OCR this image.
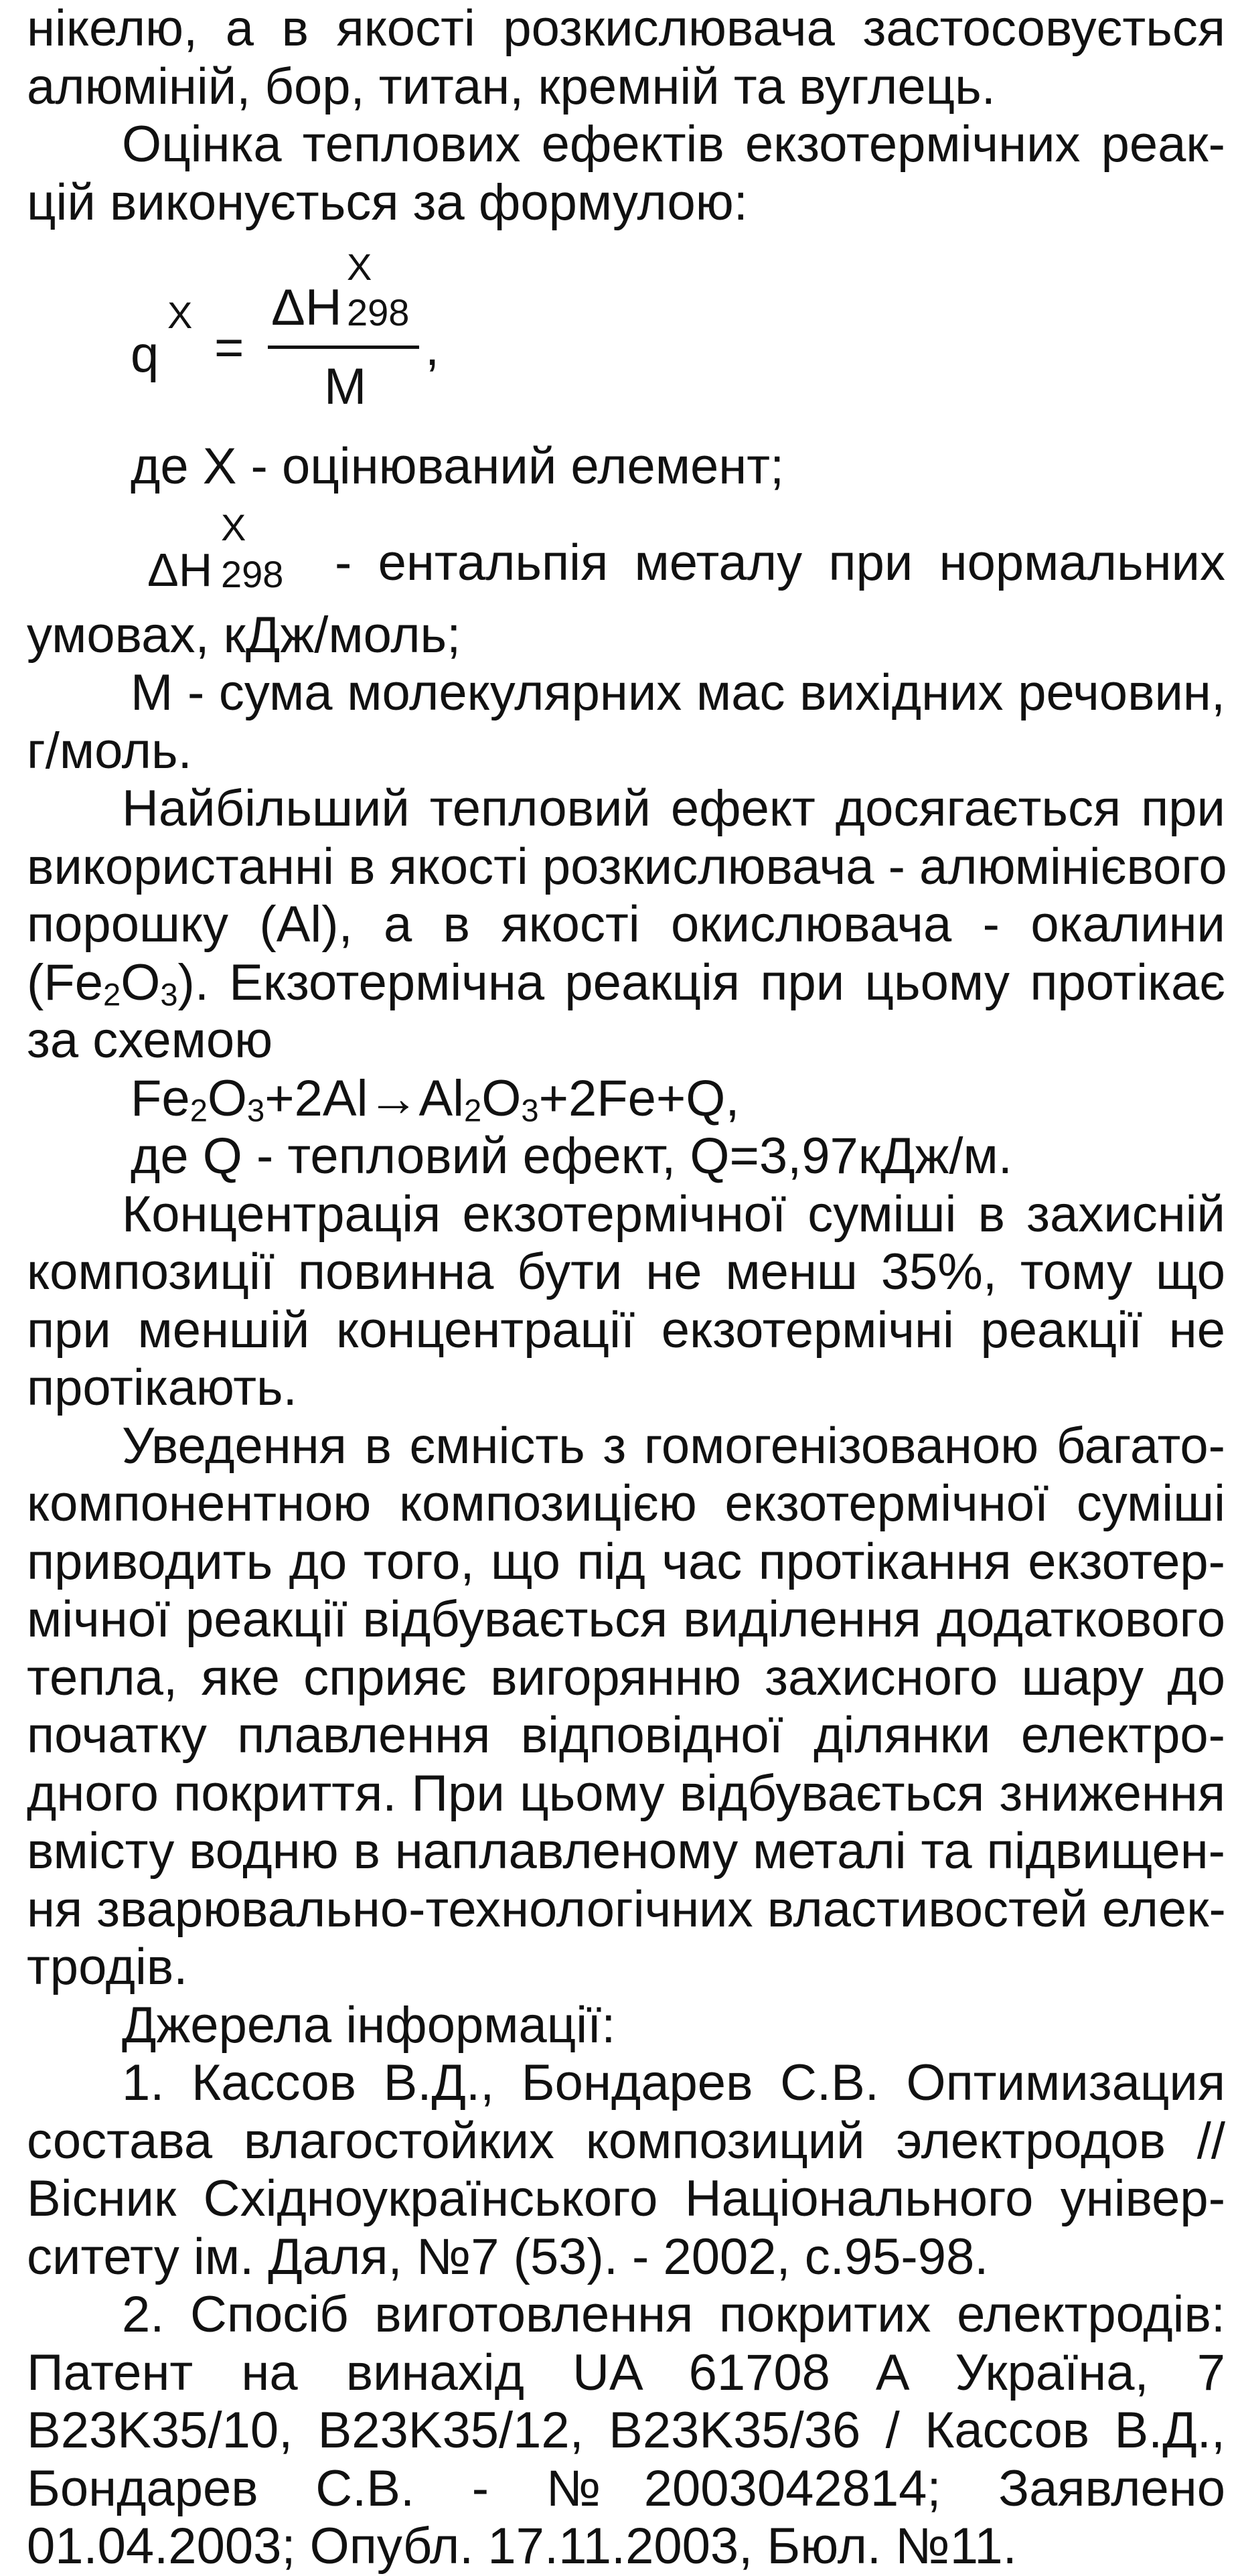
нікелю, а в якості розкислювача застосовується
алюміній, бор, титан, кремній та вуглець.
Оцінка теплових ефектів екзотермічних реак-
цій виконується за формулою:
q
X
=
ΔH
X
298
M
,
де X - оцінюваний елемент;
ΔH
X
298 - ентальпія металу при нормальних
умовах, кДж/моль;
М - сума молекулярних мас вихідних речовин,
г/моль.
Найбільший тепловий ефект досягається при
використанні в якості розкислювача - алюмінієвого
порошку (Al), а в якості окислювача - окалини
$(Fe_2O_3)$. Екзотермічна реакція при цьому протікає
за схемою
$Fe_2O_3+2Al\to Al_2O_3+2Fe+Q$,
де Q - тепловий ефект, Q=3,97кДж/м.
Концентрація екзотермічної суміші в захисній
композиції повинна бути не менш 35%, тому що
при меншій концентрації екзотермічні реакції не
протікають.
Уведення в ємність з гомогенізованою багато-
компонентною композицією екзотермічної суміші
приводить до того, що під час протікання екзотер-
мічної реакції відбувається виділення додаткового
тепла, яке сприяє вигорянню захисного шару до
початку плавлення відповідної ділянки електро-
дного покриття. При цьому відбувається зниження
вмісту водню в наплавленому металі та підвищен-
ня зварювально-технологічних властивостей елек-
тродів.
Джерела інформації:
1. Кассов В.Д., Бондарев С.В. Оптимизация
состава влагостойких композиций электродов //
Вісник Східноукраїнського Національного універ-
ситету ім. Даля, №7 (53). - 2002, с.95-98.
2. Спосіб виготовлення покритих електродів:
Патент на винахід UA 61708 A Україна, 7
B23K35/10, B23K35/12, B23K35/36 / Кассов В.Д.,
Бондарев С.В. - №2003042814; Заявлено
01.04.2003; Опубл. 17.11.2003, Бюл. №11.
